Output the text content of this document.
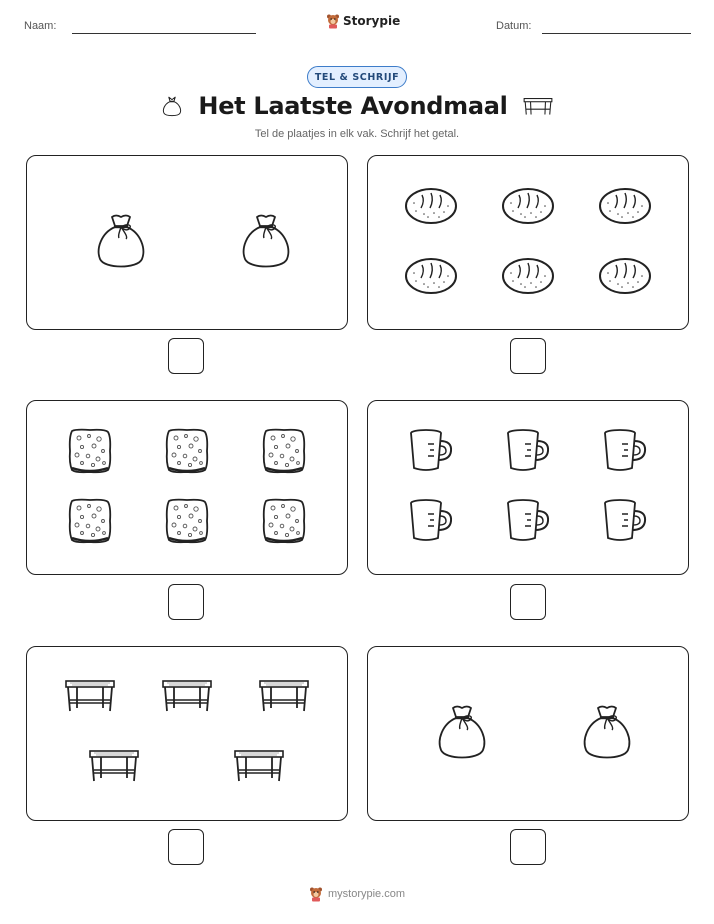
Naam:	Storypie	Datum:
TEL & SCHRIJF
Het Laatste Avondmaal
Tel de plaatjes in elk vak. Schrijf het getal.
mystorypie.com
